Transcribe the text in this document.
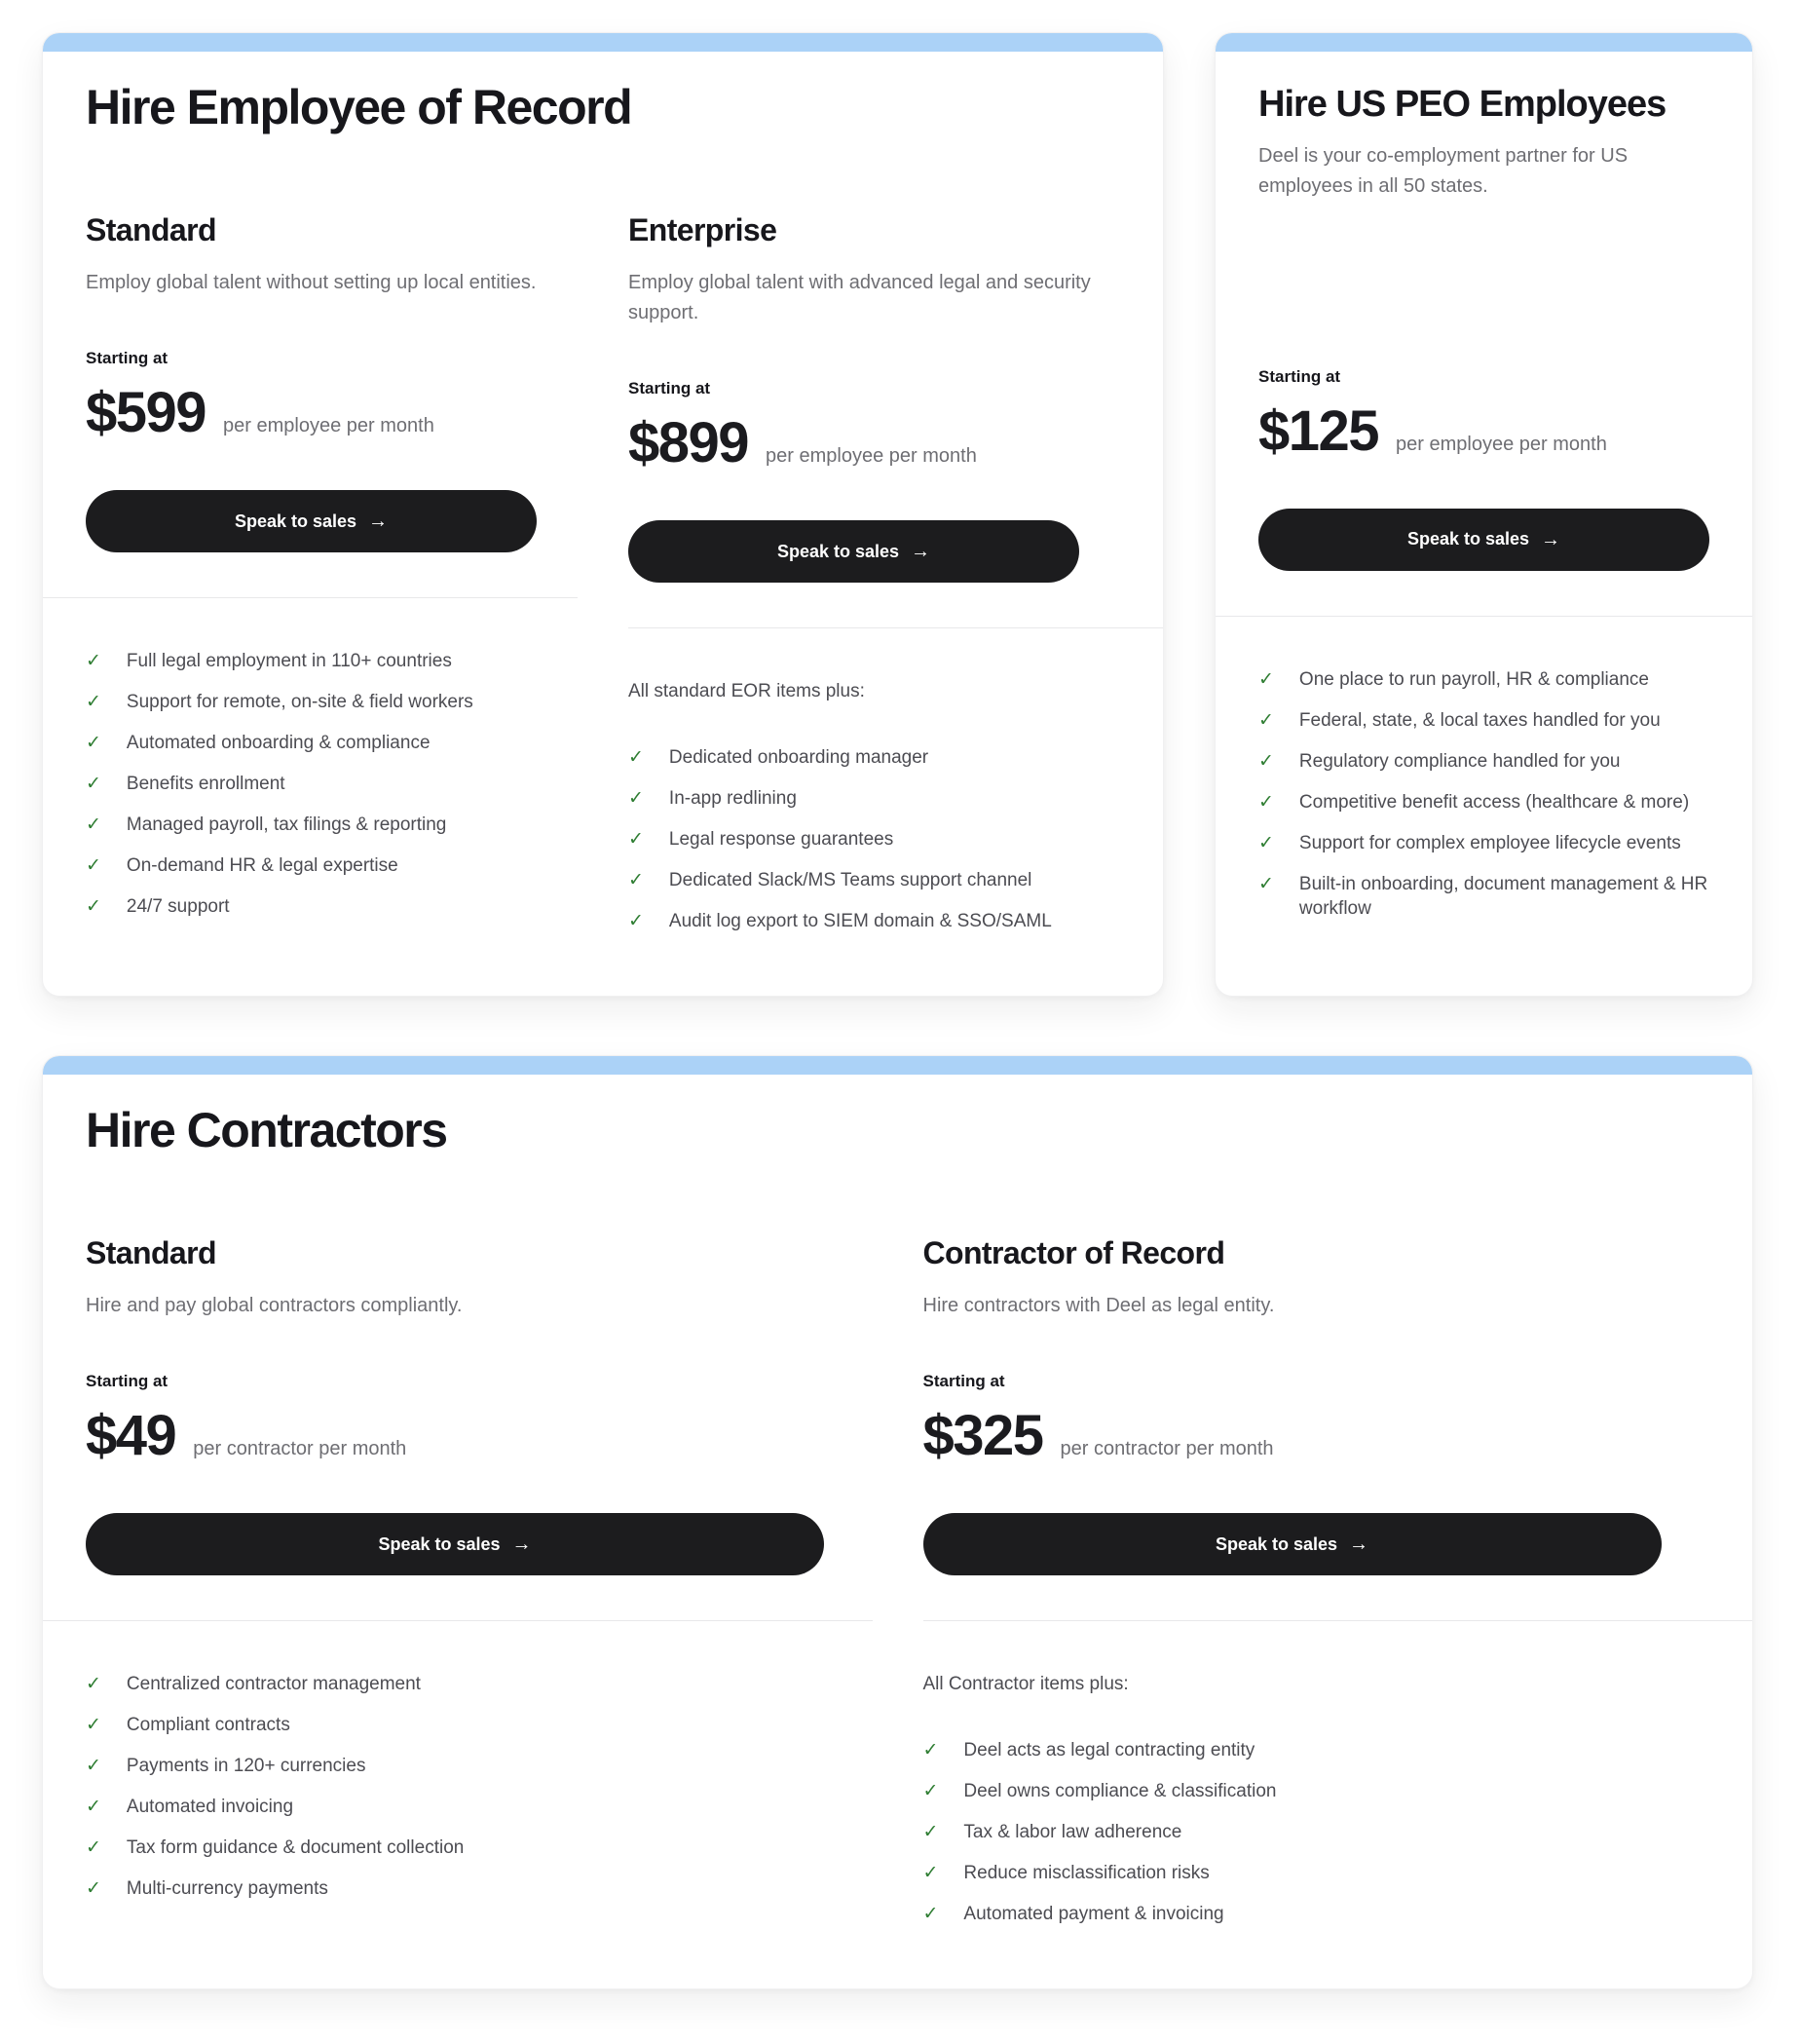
Hire Employee of Record
Standard

Employ global talent without setting up local entities.

Starting at
$599 per employee per month
Speak to sales →
✓ Full legal employment in 110+ countries
✓ Support for remote, on-site & field workers
✓ Automated onboarding & compliance
✓ Benefits enrollment
✓ Managed payroll, tax filings & reporting
✓ On-demand HR & legal expertise
✓ 24/7 support
Enterprise

Employ global talent with advanced legal and security support.

Starting at
$899 per employee per month
Speak to sales →

All standard EOR items plus:

✓ Dedicated onboarding manager
✓ In-app redlining
✓ Legal response guarantees
✓ Dedicated Slack/MS Teams support channel
✓ Audit log export to SIEM domain & SSO/SAML
Hire US PEO Employees

Deel is your co-employment partner for US employees in all 50 states.

Starting at
$125 per employee per month
Speak to sales →
✓ One place to run payroll, HR & compliance
✓ Federal, state, & local taxes handled for you
✓ Regulatory compliance handled for you
✓ Competitive benefit access (healthcare & more)
✓ Support for complex employee lifecycle events
✓ Built-in onboarding, document management & HR workflow
Hire Contractors
Standard

Hire and pay global contractors compliantly.

Starting at
$49 per contractor per month
Speak to sales →
✓ Centralized contractor management
✓ Compliant contracts
✓ Payments in 120+ currencies
✓ Automated invoicing
✓ Tax form guidance & document collection
✓ Multi-currency payments
Contractor of Record

Hire contractors with Deel as legal entity.

Starting at
$325 per contractor per month
Speak to sales →

All Contractor items plus:

✓ Deel acts as legal contracting entity
✓ Deel owns compliance & classification
✓ Tax & labor law adherence
✓ Reduce misclassification risks
✓ Automated payment & invoicing
